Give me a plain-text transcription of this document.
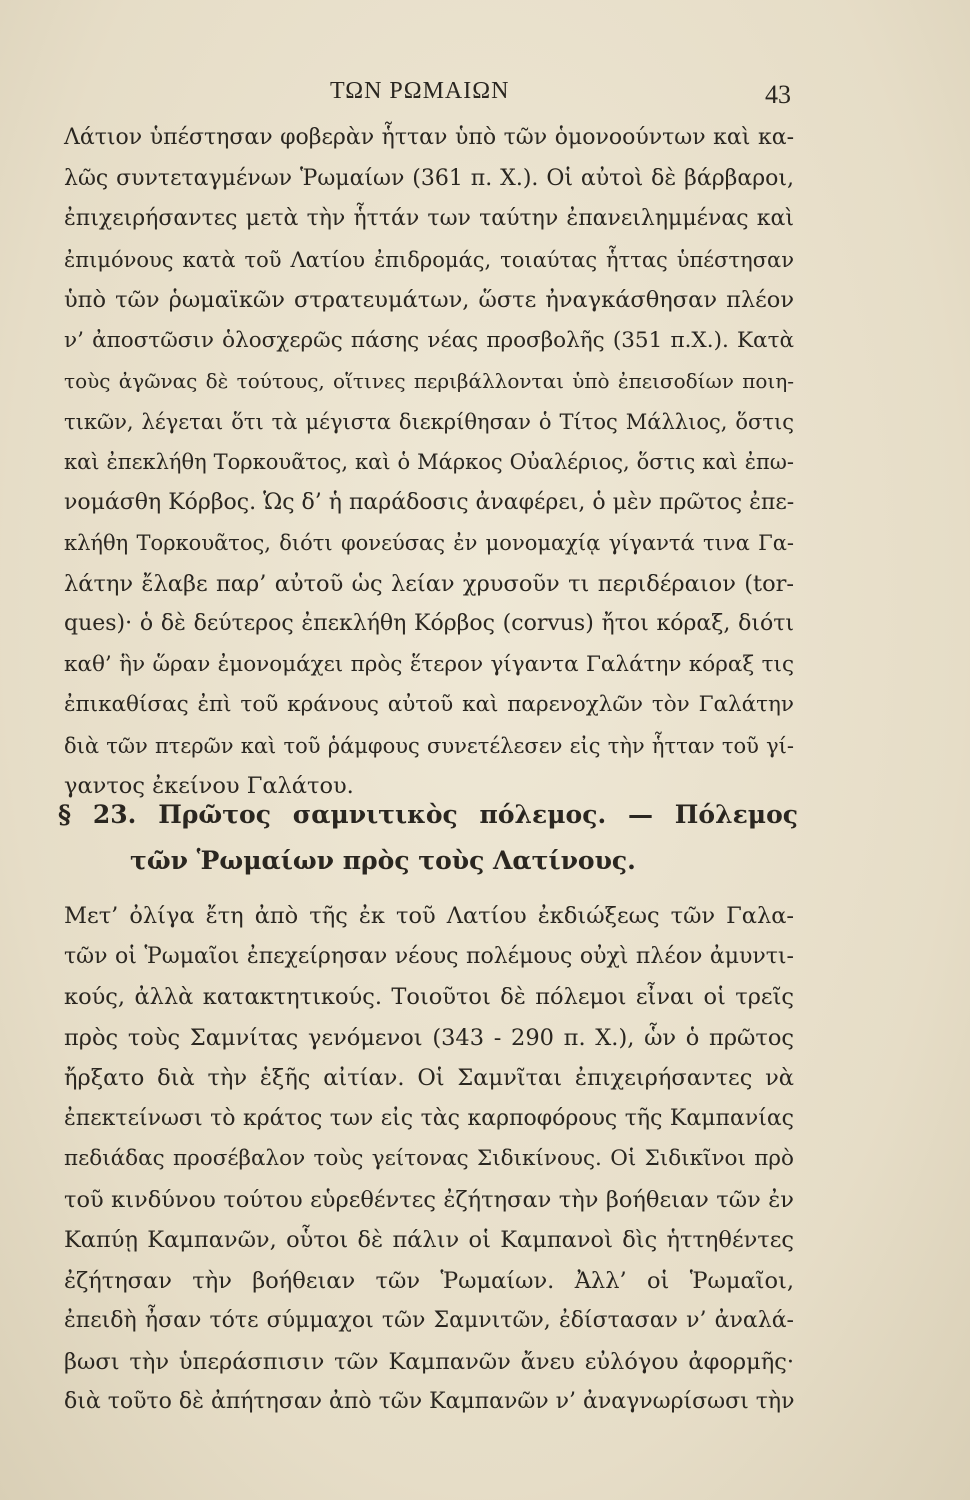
ΤΩΝ ΡΩΜΑΙΩΝ	43
Λάτιον ὑπέστησαν φοβερὰν ἧτταν ὑπὸ τῶν ὁμονοούντων καὶ κα-
λῶς συντεταγμένων Ῥωμαίων (361 π. Χ.). Οἱ αὐτοὶ δὲ βάρβαροι,
ἐπιχειρήσαντες μετὰ τὴν ἧττάν των ταύτην ἐπανειλημμένας καὶ
ἐπιμόνους κατὰ τοῦ Λατίου ἐπιδρομάς, τοιαύτας ἧττας ὑπέστησαν
ὑπὸ τῶν ῥωμαϊκῶν στρατευμάτων, ὥστε ἠναγκάσθησαν πλέον
ν’ ἀποστῶσιν ὁλοσχερῶς πάσης νέας προσβολῆς (351 π.Χ.). Κατὰ
τοὺς ἀγῶνας δὲ τούτους, οἵτινες περιβάλλονται ὑπὸ ἐπεισοδίων ποιη-
τικῶν, λέγεται ὅτι τὰ μέγιστα διεκρίθησαν ὁ Τίτος Μάλλιος, ὅστις
καὶ ἐπεκλήθη Τορκουᾶτος, καὶ ὁ Μάρκος Οὐαλέριος, ὅστις καὶ ἐπω-
νομάσθη Κόρβος. Ὡς δ’ ἡ παράδοσις ἀναφέρει, ὁ μὲν πρῶτος ἐπε-
κλήθη Τορκουᾶτος, διότι φονεύσας ἐν μονομαχίᾳ γίγαντά τινα Γα-
λάτην ἔλαβε παρ’ αὐτοῦ ὡς λείαν χρυσοῦν τι περιδέραιον (tor-
ques)· ὁ δὲ δεύτερος ἐπεκλήθη Κόρβος (corvus) ἤτοι κόραξ, διότι
καθ’ ἣν ὥραν ἐμονομάχει πρὸς ἕτερον γίγαντα Γαλάτην κόραξ τις
ἐπικαθίσας ἐπὶ τοῦ κράνους αὐτοῦ καὶ παρενοχλῶν τὸν Γαλάτην
διὰ τῶν πτερῶν καὶ τοῦ ῥάμφους συνετέλεσεν εἰς τὴν ἧτταν τοῦ γί-
γαντος ἐκείνου Γαλάτου.
§ 23. Πρῶτος σαμνιτικὸς πόλεμος. — Πόλεμος
τῶν Ῥωμαίων πρὸς τοὺς Λατίνους.
Μετ’ ὀλίγα ἔτη ἀπὸ τῆς ἐκ τοῦ Λατίου ἐκδιώξεως τῶν Γαλα-
τῶν οἱ Ῥωμαῖοι ἐπεχείρησαν νέους πολέμους οὐχὶ πλέον ἀμυντι-
κούς, ἀλλὰ κατακτητικούς. Τοιοῦτοι δὲ πόλεμοι εἶναι οἱ τρεῖς
πρὸς τοὺς Σαμνίτας γενόμενοι (343 - 290 π. Χ.), ὧν ὁ πρῶτος
ἤρξατο διὰ τὴν ἑξῆς αἰτίαν. Οἱ Σαμνῖται ἐπιχειρήσαντες νὰ
ἐπεκτείνωσι τὸ κράτος των εἰς τὰς καρποφόρους τῆς Καμπανίας
πεδιάδας προσέβαλον τοὺς γείτονας Σιδικίνους. Οἱ Σιδικῖνοι πρὸ
τοῦ κινδύνου τούτου εὑρεθέντες ἐζήτησαν τὴν βοήθειαν τῶν ἐν
Καπύῃ Καμπανῶν, οὗτοι δὲ πάλιν οἱ Καμπανοὶ δὶς ἡττηθέντες
ἐζήτησαν τὴν βοήθειαν τῶν Ῥωμαίων. Ἀλλ’ οἱ Ῥωμαῖοι,
ἐπειδὴ ἦσαν τότε σύμμαχοι τῶν Σαμνιτῶν, ἐδίστασαν ν’ ἀναλά-
βωσι τὴν ὑπεράσπισιν τῶν Καμπανῶν ἄνευ εὐλόγου ἀφορμῆς·
διὰ τοῦτο δὲ ἀπήτησαν ἀπὸ τῶν Καμπανῶν ν’ ἀναγνωρίσωσι τὴν
